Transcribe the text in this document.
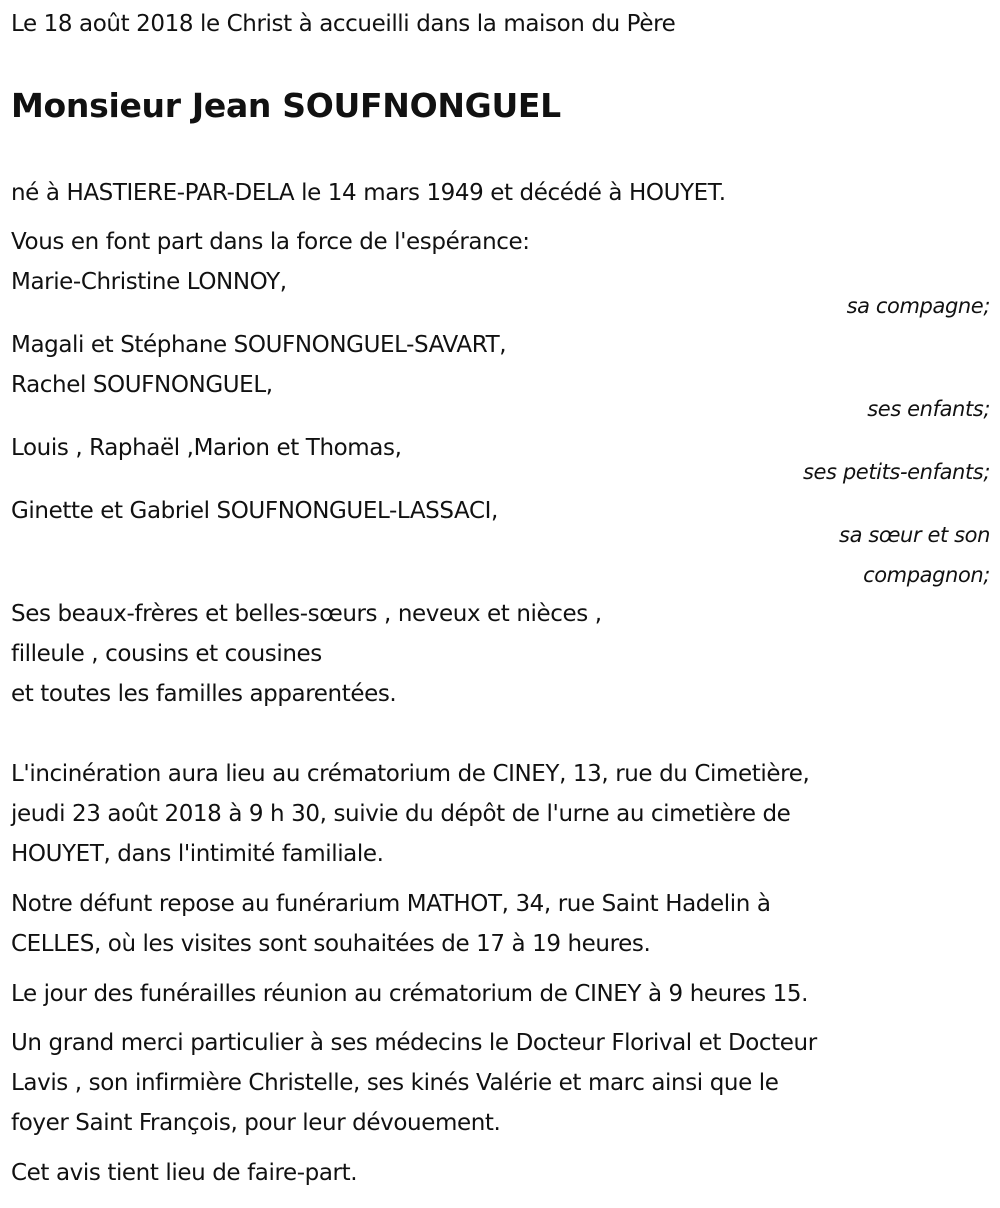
Le 18 août 2018 le Christ à accueilli dans la maison du Père
Monsieur Jean SOUFNONGUEL
né à HASTIERE-PAR-DELA le 14 mars 1949 et décédé à HOUYET.
Vous en font part dans la force de l'espérance:
Marie-Christine LONNOY,
sa compagne;
Magali et Stéphane SOUFNONGUEL-SAVART,
Rachel SOUFNONGUEL,
ses enfants;
Louis , Raphaël ,Marion et Thomas,
ses petits-enfants;
Ginette et Gabriel SOUFNONGUEL-LASSACI,
sa sœur et son
compagnon;
Ses beaux-frères et belles-sœurs , neveux et nièces ,
filleule , cousins et cousines
et toutes les familles apparentées.
L'incinération aura lieu au crématorium de CINEY, 13, rue du Cimetière,
jeudi 23 août 2018 à 9 h 30, suivie du dépôt de l'urne au cimetière de
HOUYET, dans l'intimité familiale.
Notre défunt repose au funérarium MATHOT, 34, rue Saint Hadelin à
CELLES, où les visites sont souhaitées de 17 à 19 heures.
Le jour des funérailles réunion au crématorium de CINEY à 9 heures 15.
Un grand merci particulier à ses médecins le Docteur Florival et Docteur
Lavis , son infirmière Christelle, ses kinés Valérie et marc ainsi que le
foyer Saint François, pour leur dévouement.
Cet avis tient lieu de faire-part.
